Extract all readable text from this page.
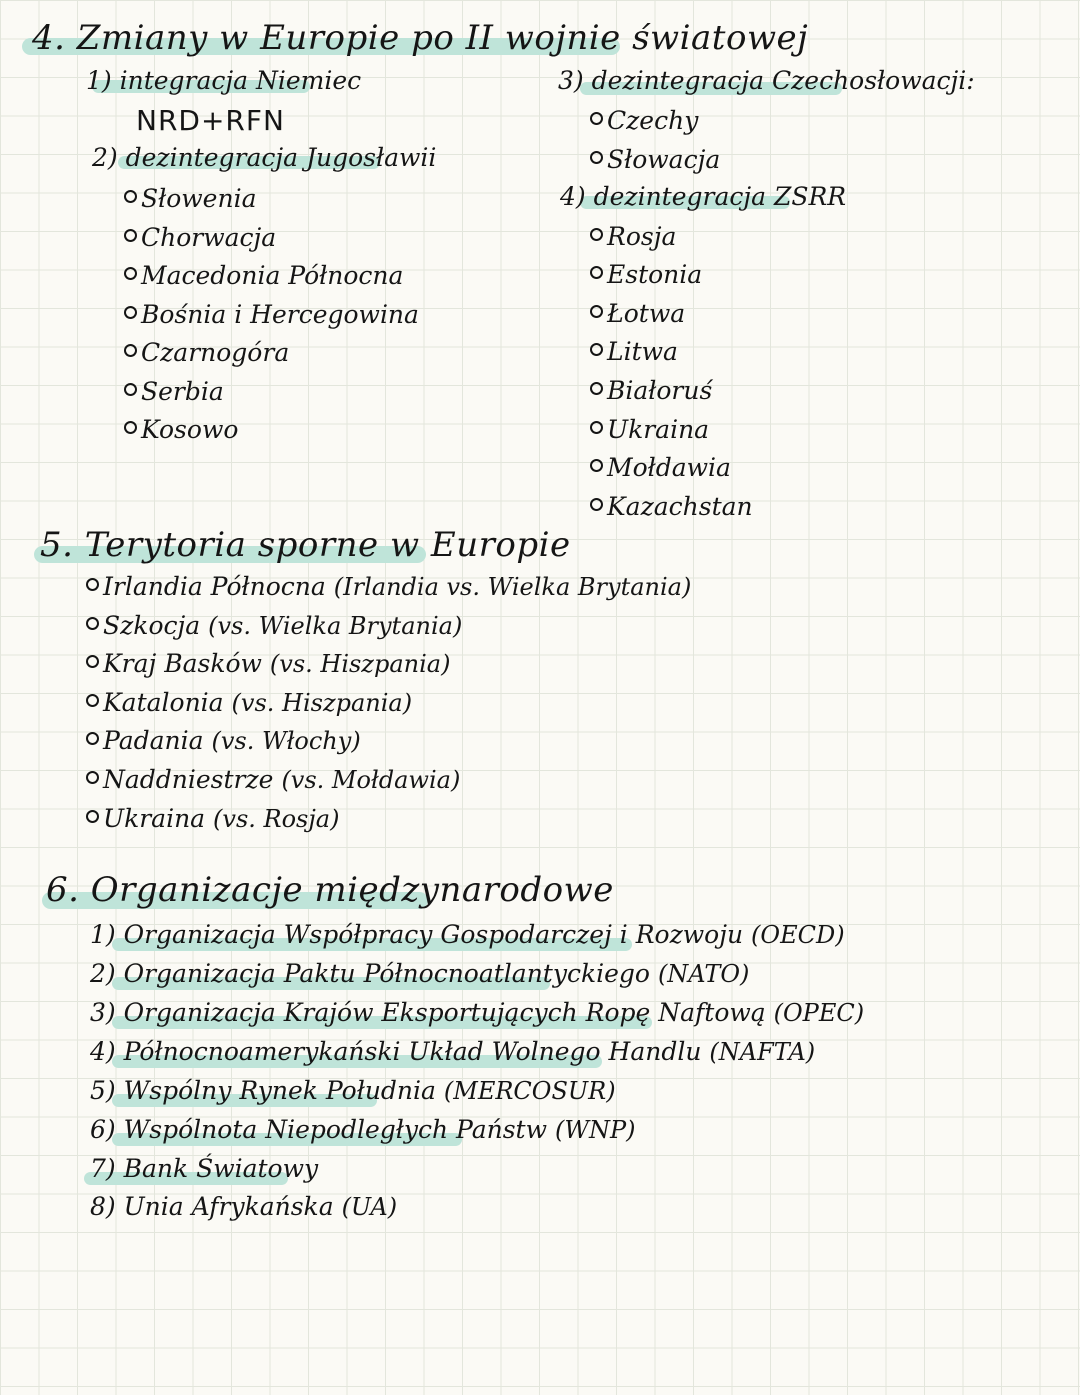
4. Zmiany w Europie po II wojnie światowej
1) integracja Niemiec
NRD+RFN
2) dezintegracja Jugosławii
Słowenia
Chorwacja
Macedonia Północna
Bośnia i Hercegowina
Czarnogóra
Serbia
Kosowo
3) dezintegracja Czechosłowacji:
Czechy
Słowacja
4) dezintegracja ZSRR
Rosja
Estonia
Łotwa
Litwa
Białoruś
Ukraina
Mołdawia
Kazachstan
5. Terytoria sporne w Europie
Irlandia Północna (Irlandia vs. Wielka Brytania)
Szkocja (vs. Wielka Brytania)
Kraj Basków (vs. Hiszpania)
Katalonia (vs. Hiszpania)
Padania (vs. Włochy)
Naddniestrze (vs. Mołdawia)
Ukraina (vs. Rosja)
6. Organizacje międzynarodowe
1) Organizacja Współpracy Gospodarczej i Rozwoju (OECD)
2) Organizacja Paktu Północnoatlantyckiego (NATO)
3) Organizacja Krajów Eksportujących Ropę Naftową (OPEC)
4) Północnoamerykański Układ Wolnego Handlu (NAFTA)
5) Wspólny Rynek Południa (MERCOSUR)
6) Wspólnota Niepodległych Państw (WNP)
7) Bank Światowy
8) Unia Afrykańska (UA)
